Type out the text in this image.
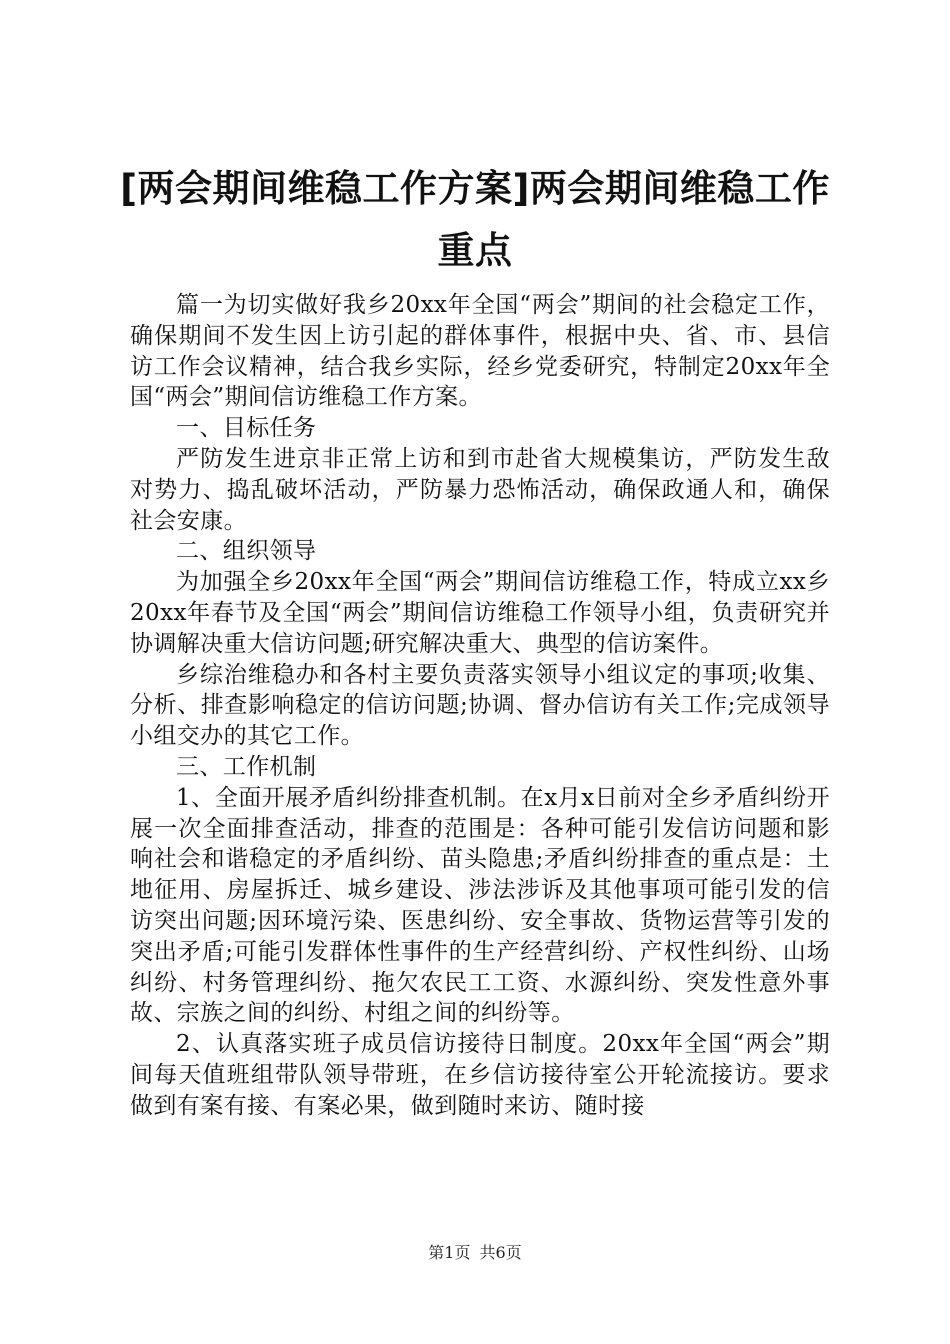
[两会期间维稳工作方案]两会期间维稳工作重点

篇一为切实做好我乡20xx年全国“两会”期间的社会稳定工作，确保期间不发生因上访引起的群体事件，根据中央、省、市、县信访工作会议精神，结合我乡实际，经乡党委研究，特制定20xx年全国“两会”期间信访维稳工作方案。

一、目标任务

严防发生进京非正常上访和到市赴省大规模集访，严防发生敌对势力、捣乱破坏活动，严防暴力恐怖活动，确保政通人和，确保社会安康。

二、组织领导

为加强全乡20xx年全国“两会”期间信访维稳工作，特成立xx乡20xx年春节及全国“两会”期间信访维稳工作领导小组，负责研究并协调解决重大信访问题;研究解决重大、典型的信访案件。

乡综治维稳办和各村主要负责落实领导小组议定的事项;收集、分析、排查影响稳定的信访问题;协调、督办信访有关工作;完成领导小组交办的其它工作。

三、工作机制

1、全面开展矛盾纠纷排查机制。在x月x日前对全乡矛盾纠纷开展一次全面排查活动，排查的范围是：各种可能引发信访问题和影响社会和谐稳定的矛盾纠纷、苗头隐患;矛盾纠纷排查的重点是：土地征用、房屋拆迁、城乡建设、涉法涉诉及其他事项可能引发的信访突出问题;因环境污染、医患纠纷、安全事故、货物运营等引发的突出矛盾;可能引发群体性事件的生产经营纠纷、产权性纠纷、山场纠纷、村务管理纠纷、拖欠农民工工资、水源纠纷、突发性意外事故、宗族之间的纠纷、村组之间的纠纷等。

2、认真落实班子成员信访接待日制度。20xx年全国“两会”期间每天值班组带队领导带班，在乡信访接待室公开轮流接访。要求做到有案有接、有案必果，做到随时来访、随时接

第1页 共6页
